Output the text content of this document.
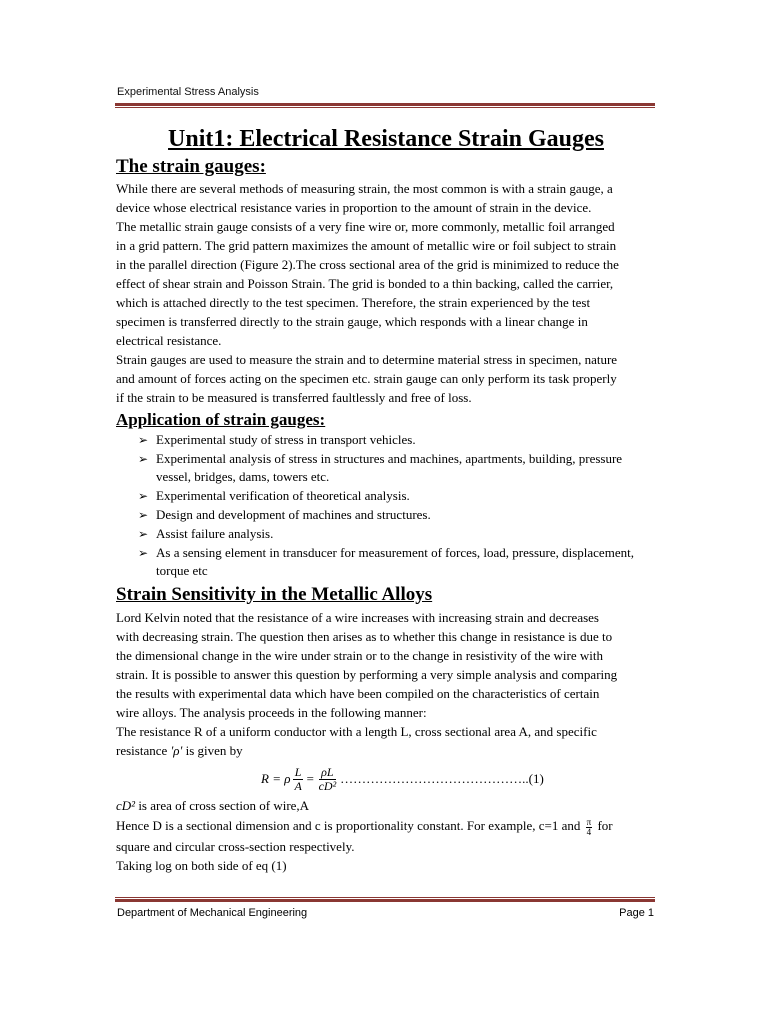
Experimental Stress Analysis
Unit1: Electrical Resistance Strain Gauges
The strain gauges:

While there are several methods of measuring strain, the most common is with a strain gauge, a

device whose electrical resistance varies in proportion to the amount of strain in the device.

The metallic strain gauge consists of a very fine wire or, more commonly, metallic foil arranged

in a grid pattern. The grid pattern maximizes the amount of metallic wire or foil subject to strain

in the parallel direction (Figure 2).The cross sectional area of the grid is minimized to reduce the

effect of shear strain and Poisson Strain. The grid is bonded to a thin backing, called the carrier,

which is attached directly to the test specimen. Therefore, the strain experienced by the test

specimen is transferred directly to the strain gauge, which responds with a linear change in

electrical resistance.

Strain gauges are used to measure the strain and to determine material stress in specimen, nature

and amount of forces acting on the specimen etc. strain gauge can only perform its task properly

if the strain to be measured is transferred faultlessly and free of loss.

Application of strain gauges:
➢ Experimental study of stress in transport vehicles.
➢ Experimental analysis of stress in structures and machines, apartments, building, pressure vessel, bridges, dams, towers etc.
➢ Experimental verification of theoretical analysis.
➢ Design and development of machines and structures.
➢ Assist failure analysis.
➢ As a sensing element in transducer for measurement of forces, load, pressure, displacement, torque etc
Strain Sensitivity in the Metallic Alloys

Lord Kelvin noted that the resistance of a wire increases with increasing strain and decreases

with decreasing strain. The question then arises as to whether this change in resistance is due to

the dimensional change in the wire under strain or to the change in resistivity of the wire with

strain. It is possible to answer this question by performing a very simple analysis and comparing

the results with experimental data which have been compiled on the characteristics of certain

wire alloys. The analysis proceeds in the following manner:

The resistance R of a uniform conductor with a length L, cross sectional area A, and specific

resistance 'ρ' is given by

R = ρ $\frac{L}{A} = \frac{\rho L}{\text{cD²}}$ …………………………………….. (1)

cD² is area of cross section of wire,A

Hence D is a sectional dimension and c is proportionality constant. For example, c=1 and $\frac{\pi}{4}$ for

square and circular cross-section respectively.

Taking log on both side of eq (1)

Department of Mechanical Engineering	Page 1
